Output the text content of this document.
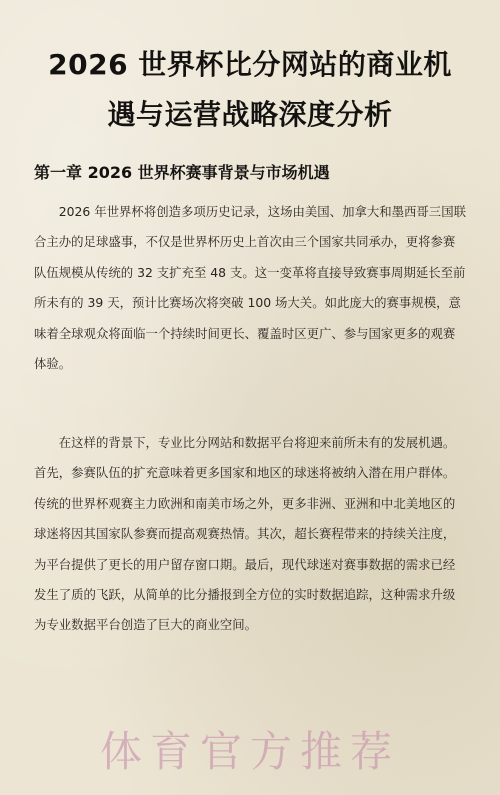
2026 世界杯比分网站的商业机
遇与运营战略深度分析
第一章 2026 世界杯赛事背景与市场机遇
　　2026 年世界杯将创造多项历史记录，这场由美国、加拿大和墨西哥三国联
合主办的足球盛事，不仅是世界杯历史上首次由三个国家共同承办，更将参赛
队伍规模从传统的 32 支扩充至 48 支。这一变革将直接导致赛事周期延长至前
所未有的 39 天，预计比赛场次将突破 100 场大关。如此庞大的赛事规模，意
味着全球观众将面临一个持续时间更长、覆盖时区更广、参与国家更多的观赛
体验。
　　在这样的背景下，专业比分网站和数据平台将迎来前所未有的发展机遇。
首先，参赛队伍的扩充意味着更多国家和地区的球迷将被纳入潜在用户群体。
传统的世界杯观赛主力欧洲和南美市场之外，更多非洲、亚洲和中北美地区的
球迷将因其国家队参赛而提高观赛热情。其次，超长赛程带来的持续关注度，
为平台提供了更长的用户留存窗口期。最后，现代球迷对赛事数据的需求已经
发生了质的飞跃，从简单的比分播报到全方位的实时数据追踪，这种需求升级
为专业数据平台创造了巨大的商业空间。
体育官方推荐
